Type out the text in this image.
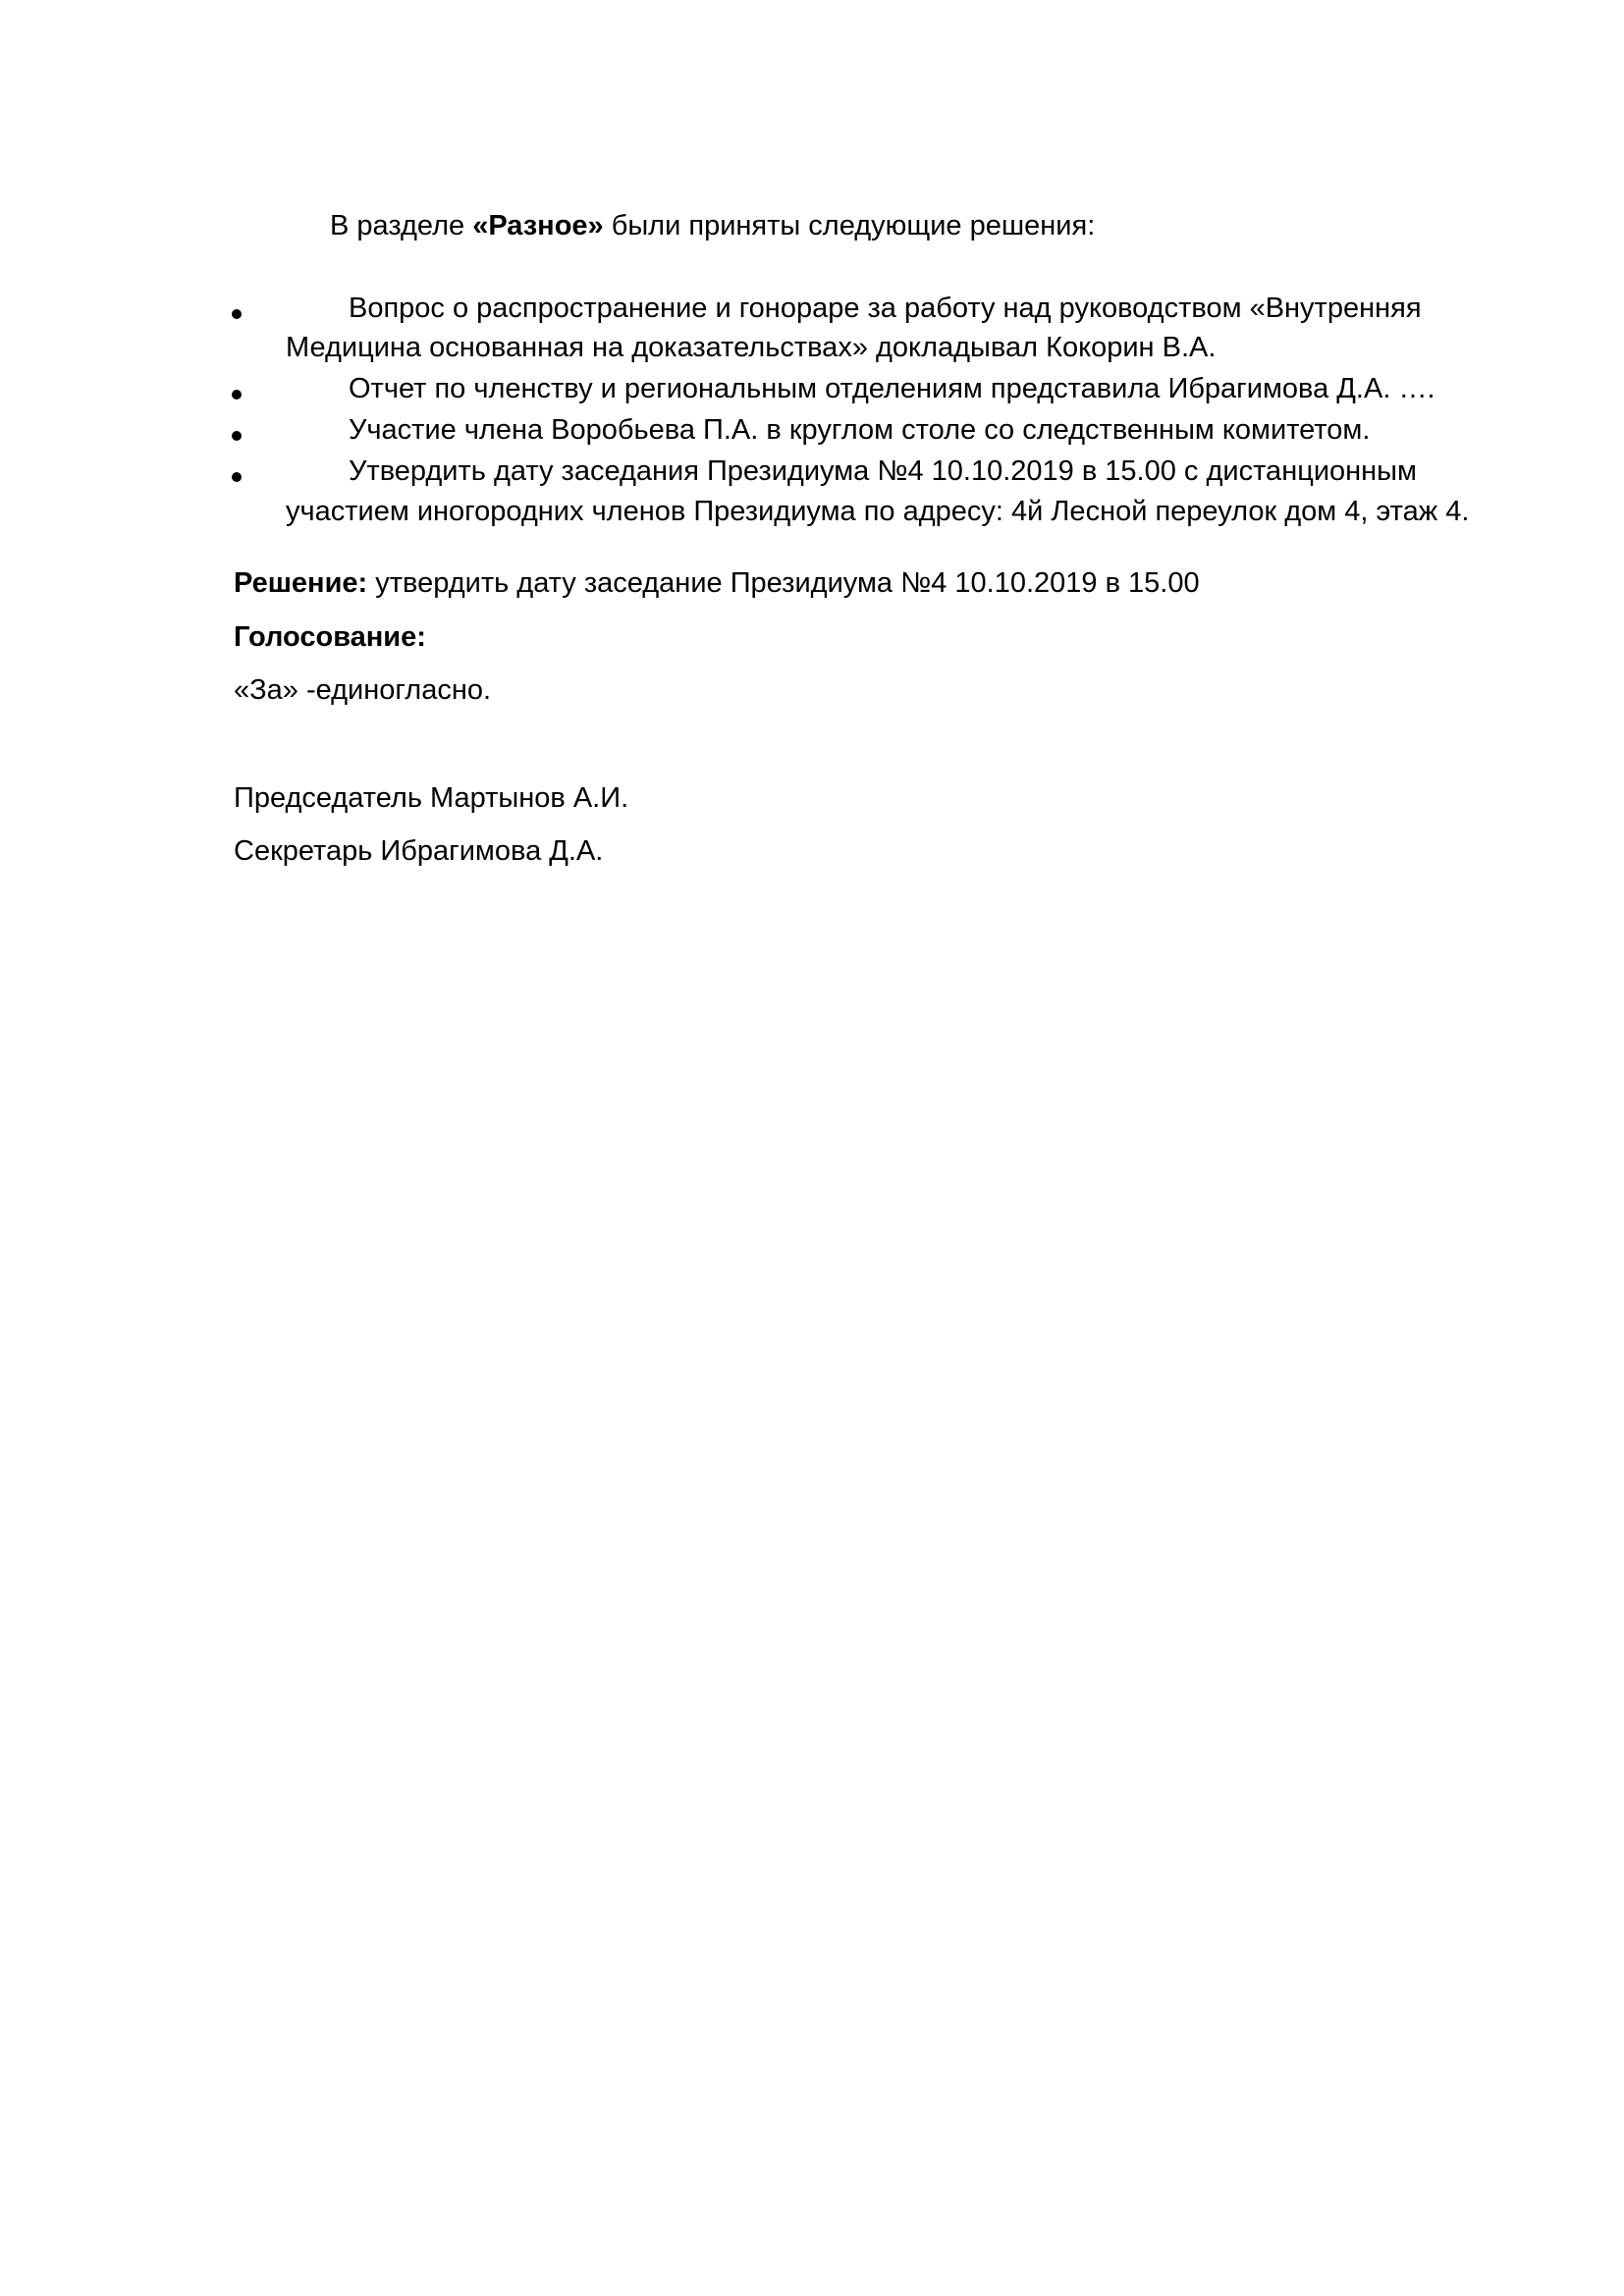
В разделе «Разное» были приняты следующие решения:
Вопрос о распространение и гонораре за работу над руководством «Внутренняя
Медицина основанная на доказательствах» докладывал Кокорин В.А.
Отчет по членству и региональным отделениям представила Ибрагимова Д.А. ….
Участие члена Воробьева П.А. в круглом столе со следственным комитетом.
Утвердить дату заседания Президиума №4 10.10.2019 в 15.00 с дистанционным
участием иногородних членов Президиума по адресу: 4й Лесной переулок дом 4, этаж 4.
Решение: утвердить дату заседание Президиума №4 10.10.2019 в 15.00
Голосование:
«За» -единогласно.
Председатель Мартынов А.И.
Секретарь Ибрагимова Д.А.
